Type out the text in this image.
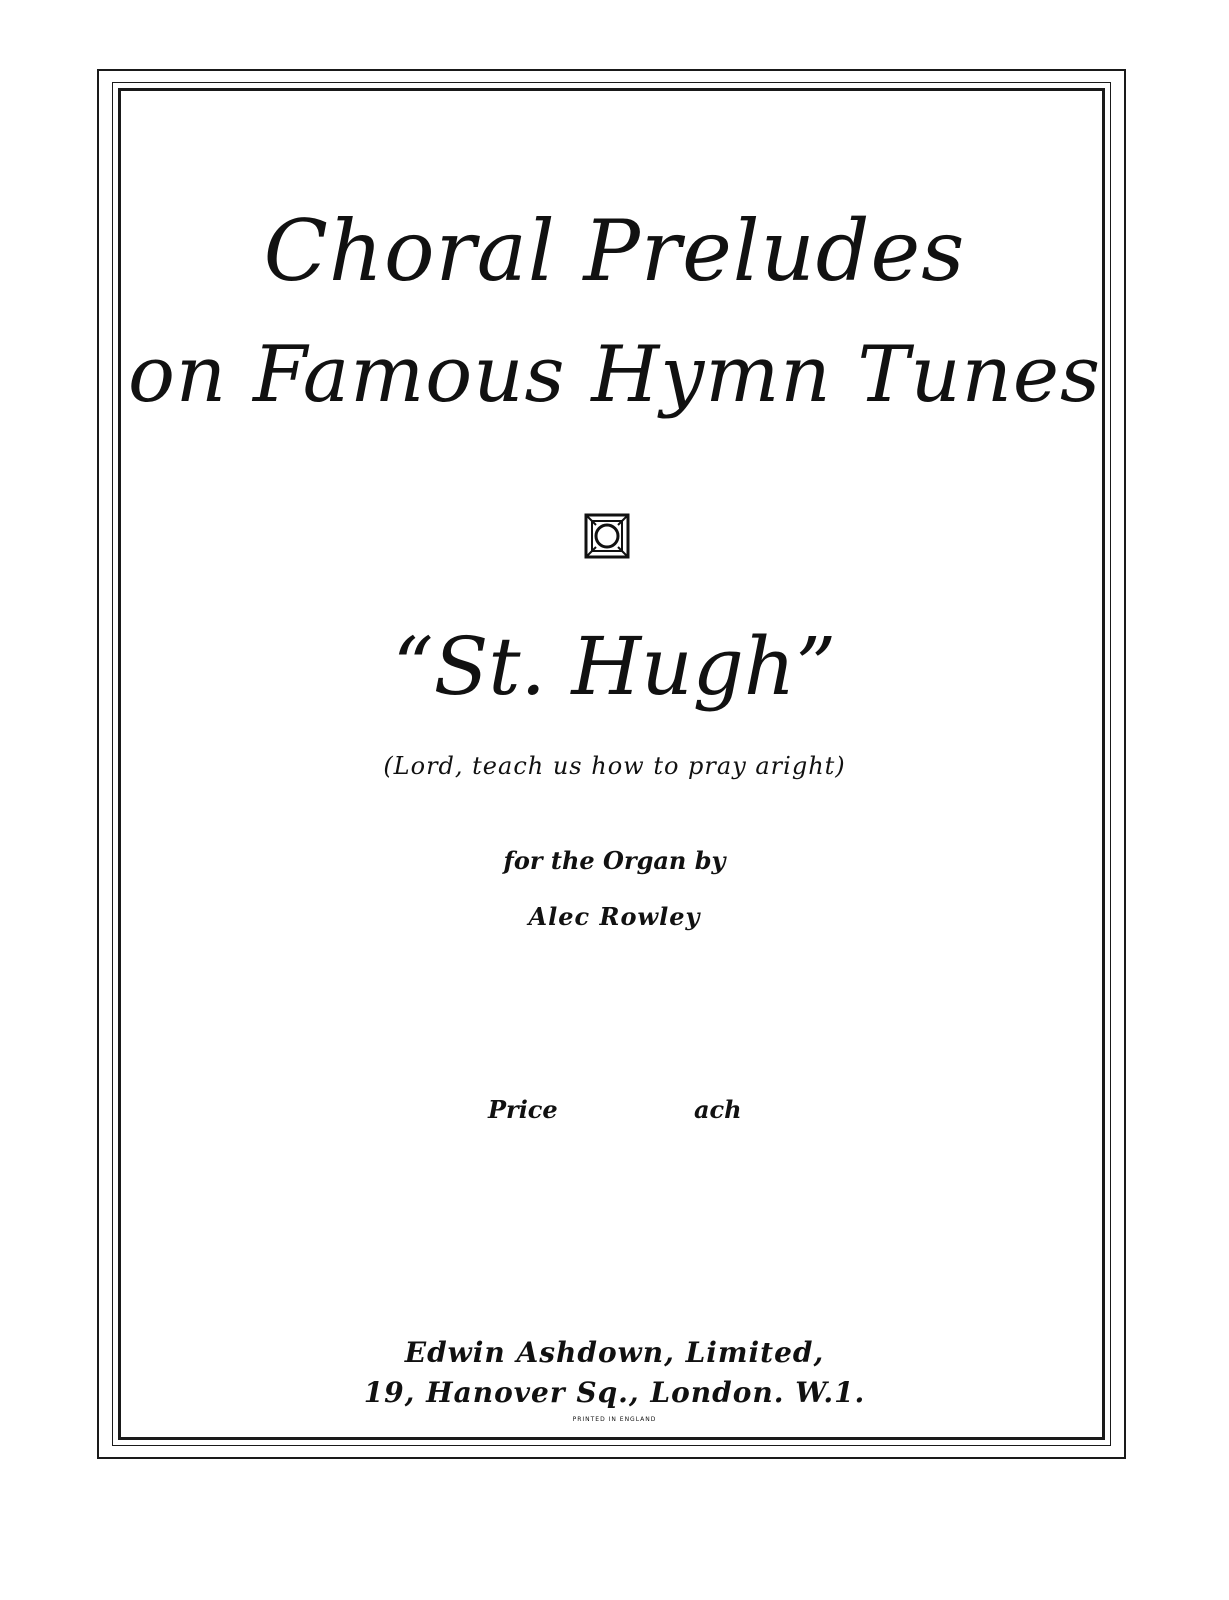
Choral Preludes
on Famous Hymn Tunes
“St. Hugh”
(Lord, teach us how to pray aright)
for the Organ by
Alec Rowley
Price	ach
Edwin Ashdown, Limited,
19, Hanover Sq., London. W.1.
PRINTED IN ENGLAND
